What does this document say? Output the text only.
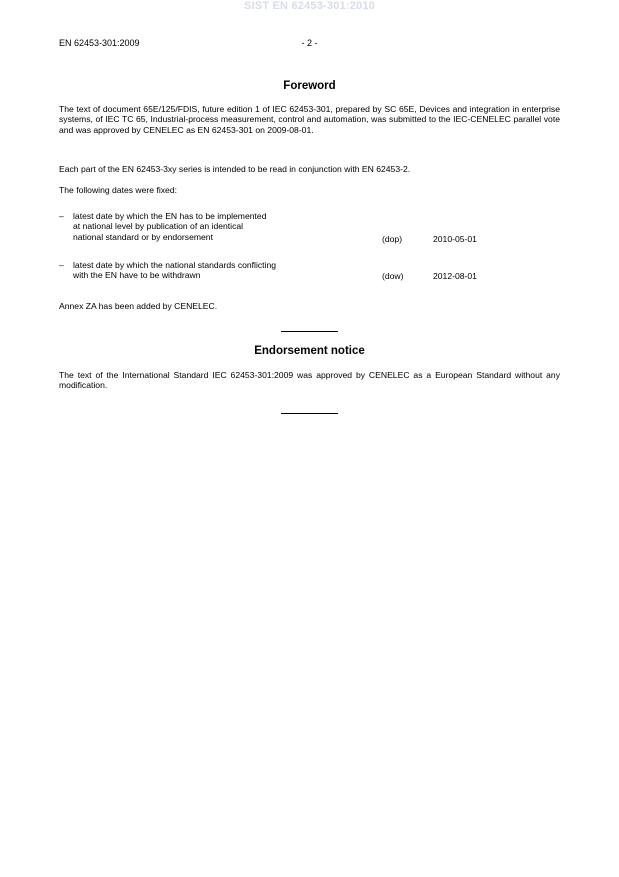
SIST EN 62453-301:2010
EN 62453-301:2009	- 2 -
Foreword
The text of document 65E/125/FDIS, future edition 1 of IEC 62453-301, prepared by SC 65E, Devices and integration in enterprise systems, of IEC TC 65, Industrial-process measurement, control and automation, was submitted to the IEC-CENELEC parallel vote and was approved by CENELEC as EN 62453-301 on 2009-08-01.
Each part of the EN 62453-3xy series is intended to be read in conjunction with EN 62453-2.
The following dates were fixed:
– latest date by which the EN has to be implemented
at national level by publication of an identical
national standard or by endorsement	(dop)	2010-05-01
– latest date by which the national standards conflicting
with the EN have to be withdrawn	(dow)	2012-08-01
Annex ZA has been added by CENELEC.
Endorsement notice
The text of the International Standard IEC 62453-301:2009 was approved by CENELEC as a European Standard without any modification.
